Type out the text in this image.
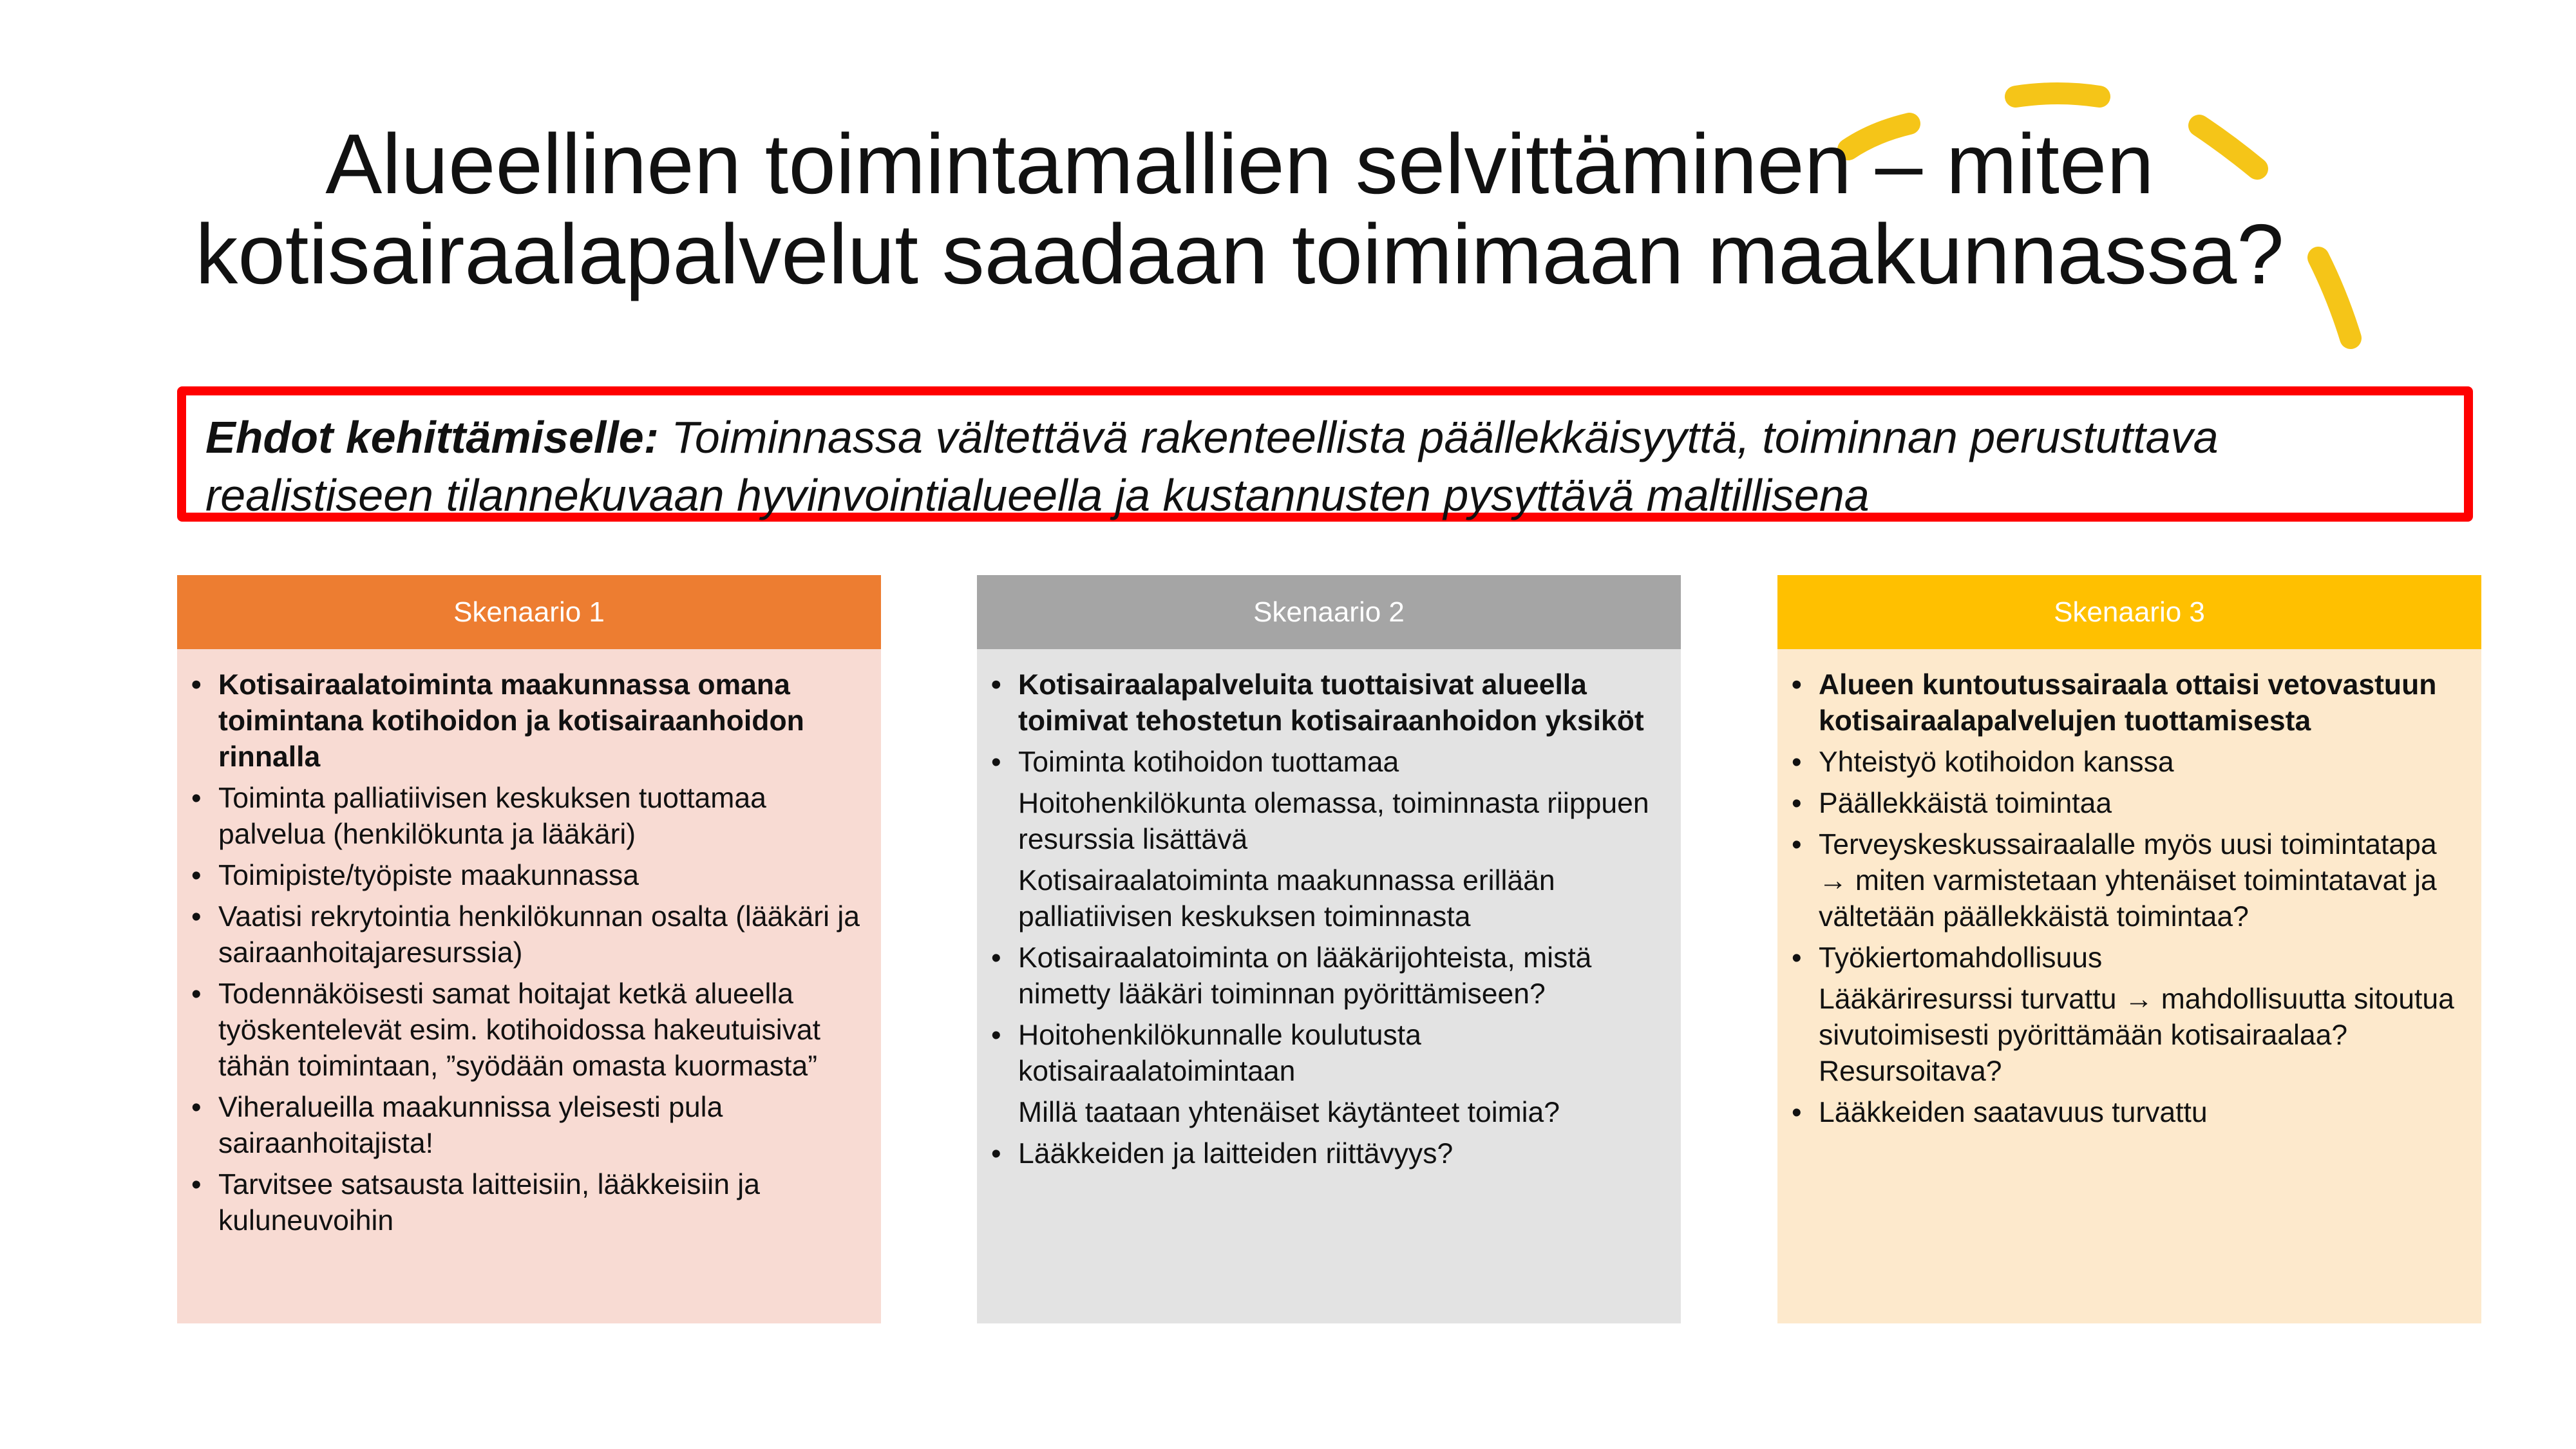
Alueellinen toimintamallien selvittäminen – miten
kotisairaalapalvelut saadaan toimimaan maakunnassa?
Ehdot kehittämiselle: Toiminnassa vältettävä rakenteellista päällekkäisyyttä, toiminnan perustuttava realistiseen tilannekuvaan hyvinvointialueella ja kustannusten pysyttävä maltillisena
Skenaario 1
• Kotisairaalatoiminta maakunnassa omana toimintana kotihoidon ja kotisairaanhoidon rinnalla
• Toiminta palliatiivisen keskuksen tuottamaa palvelua (henkilökunta ja lääkäri)
• Toimipiste/työpiste maakunnassa
• Vaatisi rekrytointia henkilökunnan osalta (lääkäri ja sairaanhoitajaresurssia)
• Todennäköisesti samat hoitajat ketkä alueella työskentelevät esim. kotihoidossa hakeutuisivat tähän toimintaan, ”syödään omasta kuormasta”
• Viheralueilla maakunnissa yleisesti pula sairaanhoitajista!
• Tarvitsee satsausta laitteisiin, lääkkeisiin ja kuluneuvoihin
Skenaario 2
• Kotisairaalapalveluita tuottaisivat alueella toimivat tehostetun kotisairaanhoidon yksiköt
• Toiminta kotihoidon tuottamaa
Hoitohenkilökunta olemassa, toiminnasta riippuen resurssia lisättävä
Kotisairaalatoiminta maakunnassa erillään palliatiivisen keskuksen toiminnasta
• Kotisairaalatoiminta on lääkärijohteista, mistä nimetty lääkäri toiminnan pyörittämiseen?
• Hoitohenkilökunnalle koulutusta kotisairaalatoimintaan
Millä taataan yhtenäiset käytänteet toimia?
• Lääkkeiden ja laitteiden riittävyys?
Skenaario 3
• Alueen kuntoutussairaala ottaisi vetovastuun kotisairaalapalvelujen tuottamisesta
• Yhteistyö kotihoidon kanssa
• Päällekkäistä toimintaa
• Terveyskeskussairaalalle myös uusi toimintatapa → miten varmistetaan yhtenäiset toimintatavat ja vältetään päällekkäistä toimintaa?
• Työkiertomahdollisuus
Lääkäriresurssi turvattu → mahdollisuutta sitoutua sivutoimisesti pyörittämään kotisairaalaa? Resursoitava?
• Lääkkeiden saatavuus turvattu
